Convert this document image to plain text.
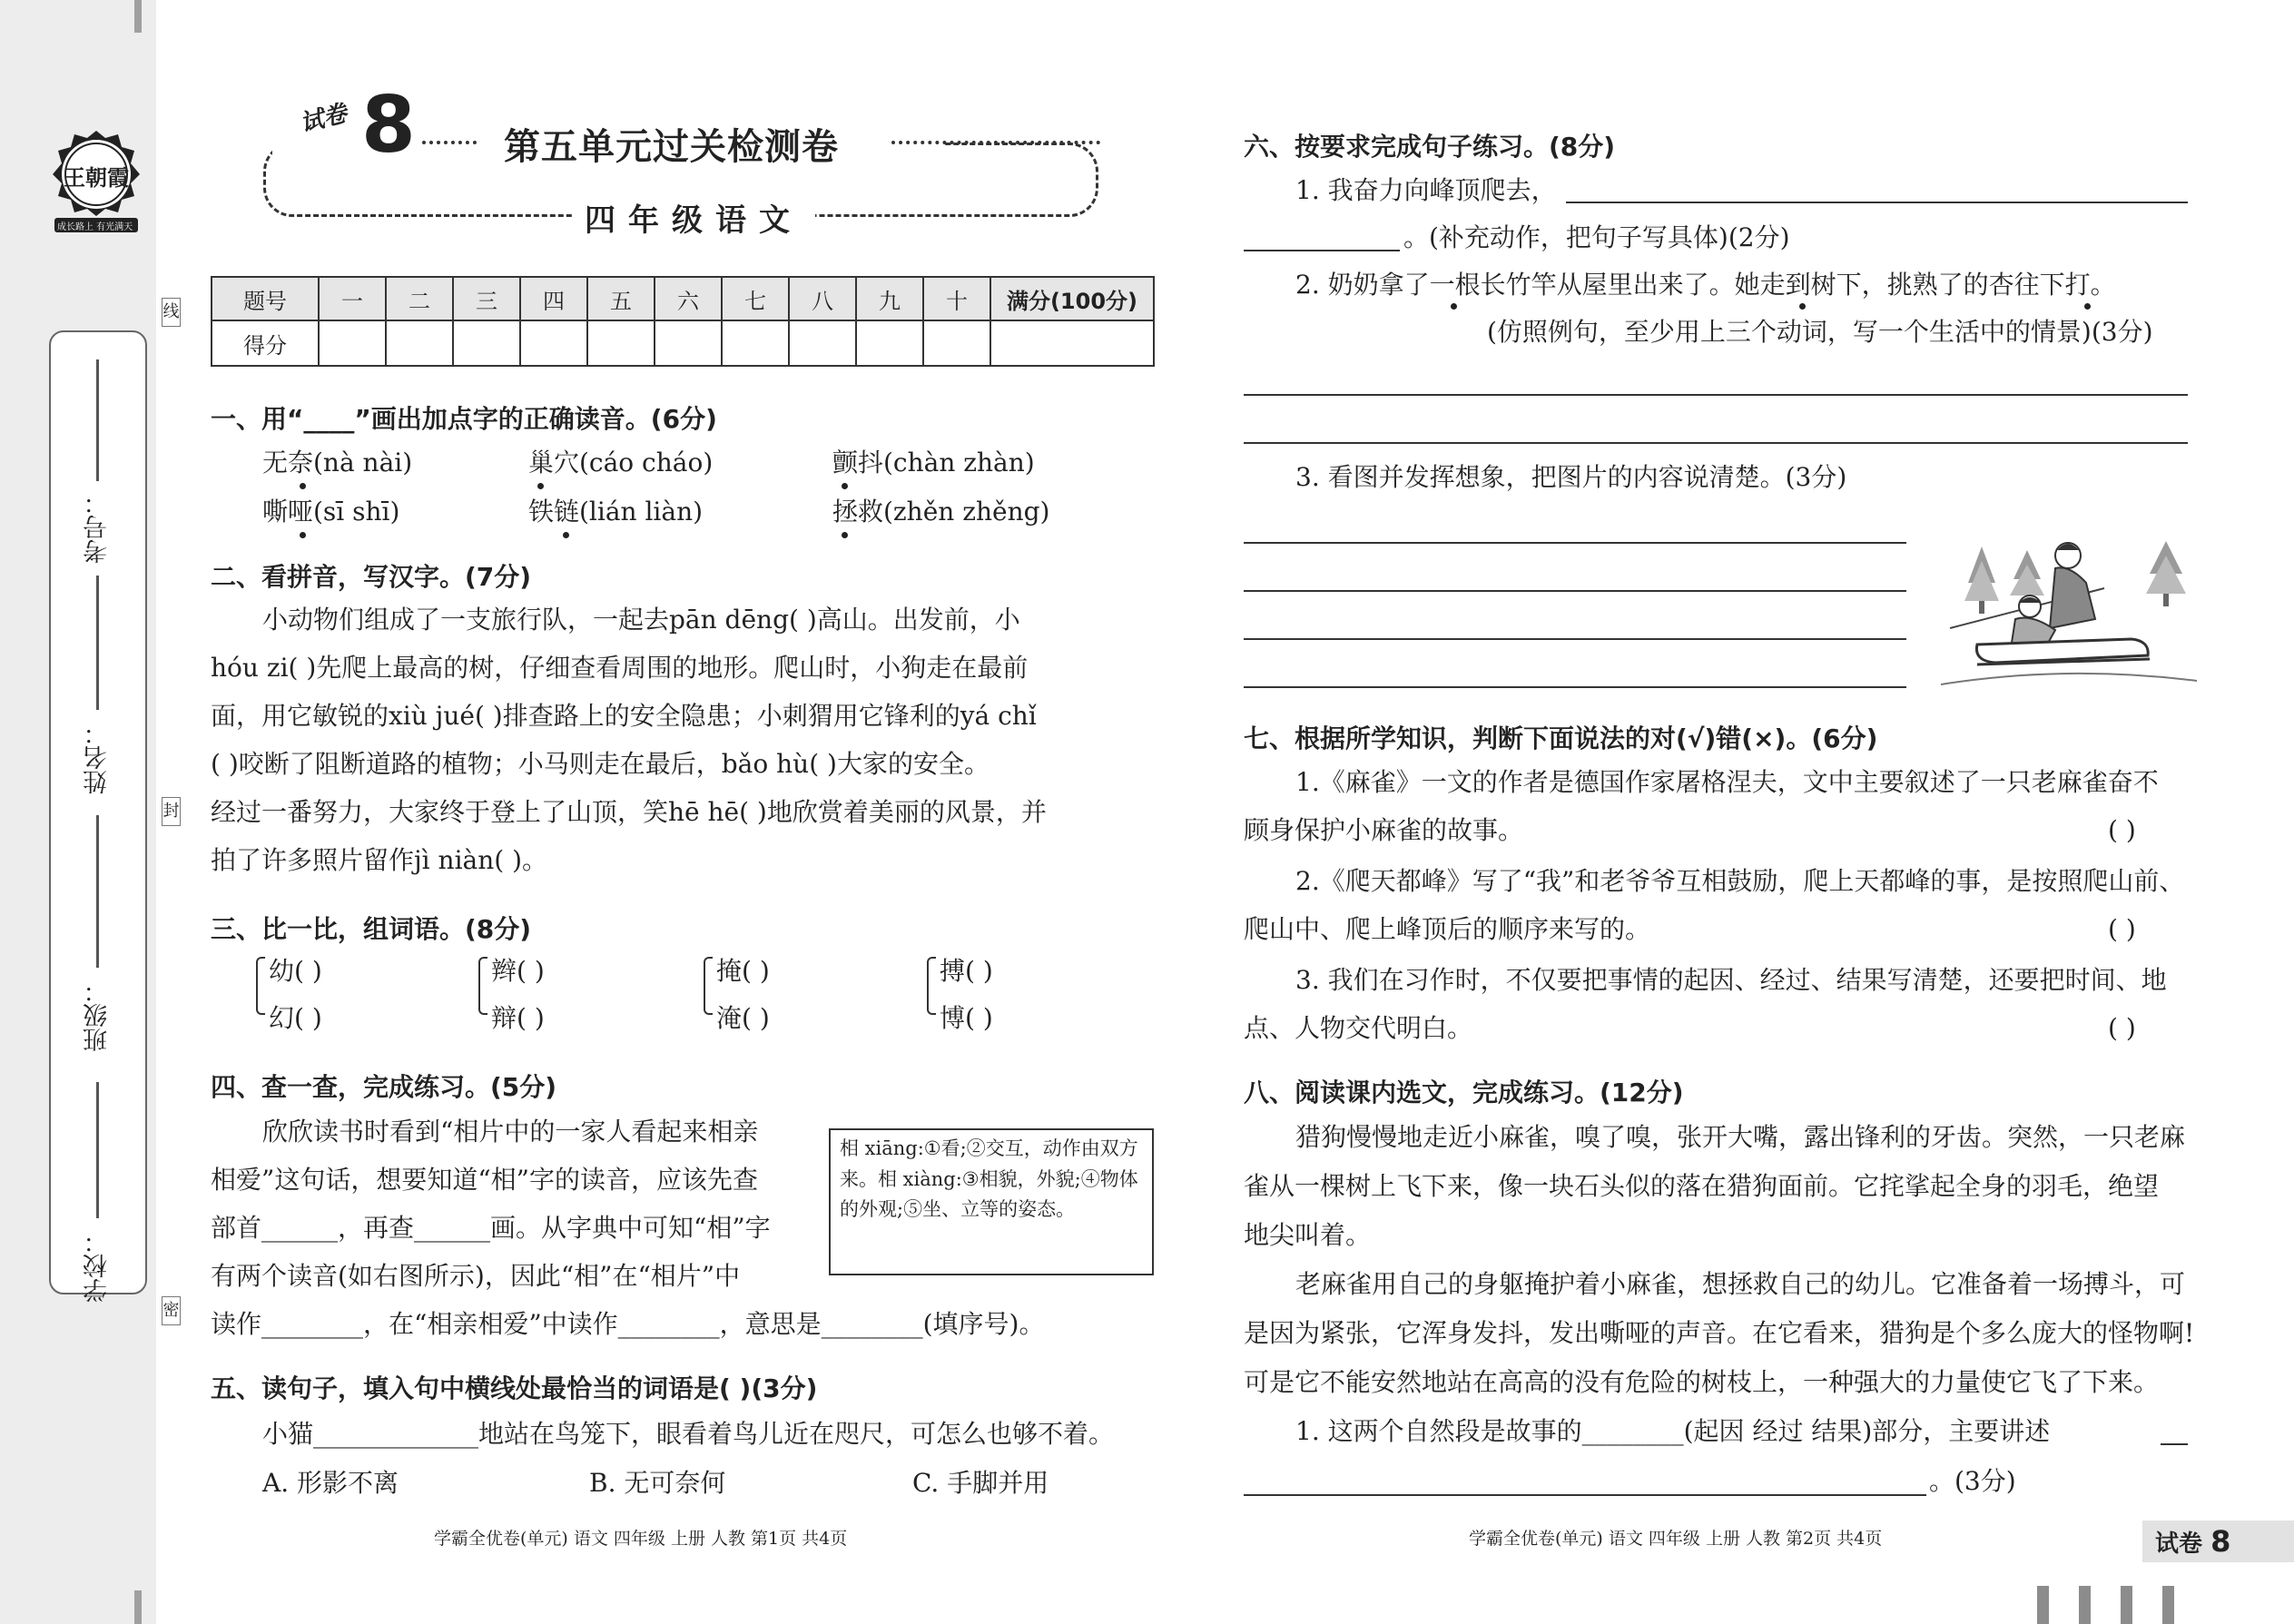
王朝霞
成长路上 有光满天
线
封
密
学校：
班级：
姓名：
考号：
试卷 8 第五单元过关检测卷
四年级语文
题号	一	二	三	四	五	六	七	八	九	十	满分(100分)
得分											
一、用“____”画出加点字的正确读音。(6分)
无奈(nà nài)	巢穴(cáo cháo)	颤抖(chàn zhàn)
嘶哑(sī shī)	铁链(lián liàn)	拯救(zhěn zhěng)
二、看拼音，写汉字。(7分)
小动物们组成了一支旅行队，一起去pān dēng( )高山。出发前，小
hóu zi( )先爬上最高的树，仔细查看周围的地形。爬山时，小狗走在最前
面，用它敏锐的xiù jué( )排查路上的安全隐患；小刺猬用它锋利的yá chǐ
( )咬断了阻断道路的植物；小马则走在最后，bǎo hù( )大家的安全。
经过一番努力，大家终于登上了山顶，笑hē hē( )地欣赏着美丽的风景，并
拍了许多照片留作jì niàn( )。
三、比一比，组词语。(8分)
幼( )
幻( )
辫( )
辩( )
掩( )
淹( )
搏( )
博( )
四、查一查，完成练习。(5分)
欣欣读书时看到“相片中的一家人看起来相亲
相爱”这句话，想要知道“相”字的读音，应该先查
部首______，再查______画。从字典中可知“相”字
有两个读音(如右图所示)，因此“相”在“相片”中
读作________，在“相亲相爱”中读作________，意思是________(填序号)。
相 xiāng:①看;②交互，动作由双方来。相 xiàng:③相貌，外貌;④物体的外观;⑤坐、立等的姿态。
五、读句子，填入句中横线处最恰当的词语是( )(3分)
小猫_____________地站在鸟笼下，眼看着鸟儿近在咫尺，可怎么也够不着。
A. 形影不离	B. 无可奈何	C. 手脚并用
学霸全优卷(单元) 语文 四年级 上册 人教 第1页 共4页
六、按要求完成句子练习。(8分)
1. 我奋力向峰顶爬去，
。(补充动作，把句子写具体)(2分)
2. 奶奶拿了一根长竹竿从屋里出来了。她走到树下，挑熟了的杏往下打。
(仿照例句，至少用上三个动词，写一个生活中的情景)(3分)
3. 看图并发挥想象，把图片的内容说清楚。(3分)
七、根据所学知识，判断下面说法的对(√)错(×)。(6分)
1.《麻雀》一文的作者是德国作家屠格涅夫，文中主要叙述了一只老麻雀奋不
顾身保护小麻雀的故事。	( )
2.《爬天都峰》写了“我”和老爷爷互相鼓励，爬上天都峰的事，是按照爬山前、
爬山中、爬上峰顶后的顺序来写的。	( )
3. 我们在习作时，不仅要把事情的起因、经过、结果写清楚，还要把时间、地
点、人物交代明白。	( )
八、阅读课内选文，完成练习。(12分)
猎狗慢慢地走近小麻雀，嗅了嗅，张开大嘴，露出锋利的牙齿。突然，一只老麻
雀从一棵树上飞下来，像一块石头似的落在猎狗面前。它挓挲起全身的羽毛，绝望
地尖叫着。
老麻雀用自己的身躯掩护着小麻雀，想拯救自己的幼儿。它准备着一场搏斗，可
是因为紧张，它浑身发抖，发出嘶哑的声音。在它看来，猎狗是个多么庞大的怪物啊!
可是它不能安然地站在高高的没有危险的树枝上，一种强大的力量使它飞了下来。
1. 这两个自然段是故事的________(起因 经过 结果)部分，主要讲述
。(3分)
学霸全优卷(单元) 语文 四年级 上册 人教 第2页 共4页	试卷 8
